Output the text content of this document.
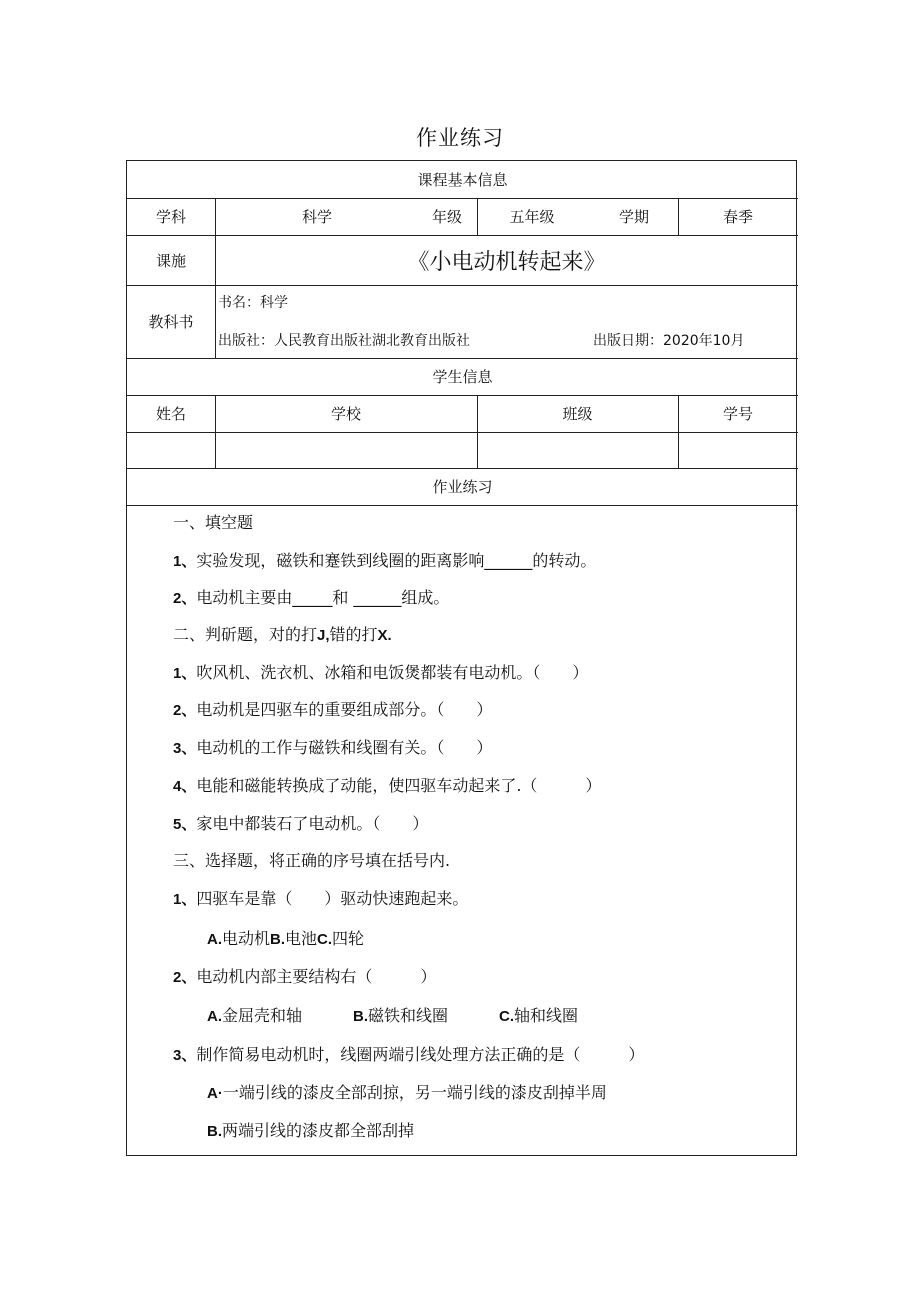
作业练习
课程基本信息
学科	科学	年级	五年级	学期	春季
课施	《小电动机转起来》
教科书
书名：科学
出版社：人民教育出版社湖北教育出版社	出版日期：2020年10月
学生信息
姓名	学校	班级	学号
作业练习
一、填空题
1、实验发现，磁铁和蹇铁到线圈的距离影响______的转动。
2、电动机主要由_____和 ______组成。
二、判斫题，对的打J,错的打X.
1、吹风机、洗衣机、冰箱和电饭煲都装有电动机。（　　）
2、电动机是四驱车的重要组成部分。（　　）
3、电动机的工作与磁铁和线圈有关。（　　）
4、电能和磁能转换成了动能，使四驱车动起来了.（　　　）
5、家电中都装石了电动机。（　　）
三、选择题，将正确的序号填在括号内.
1、四驱车是靠（　　）驱动快速跑起来。
A.电动机B.电池C.四轮
2、电动机内部主要结构右（　　　）
A.金屈壳和轴	B.磁铁和线圈	C.轴和线圈
3、制作简易电动机时，线圈两端引线处理方法正确的是（　　　）
A·一端引线的漆皮全部刮掠，另一端引线的漆皮刮掉半周
B.两端引线的漆皮都全部刮掉
